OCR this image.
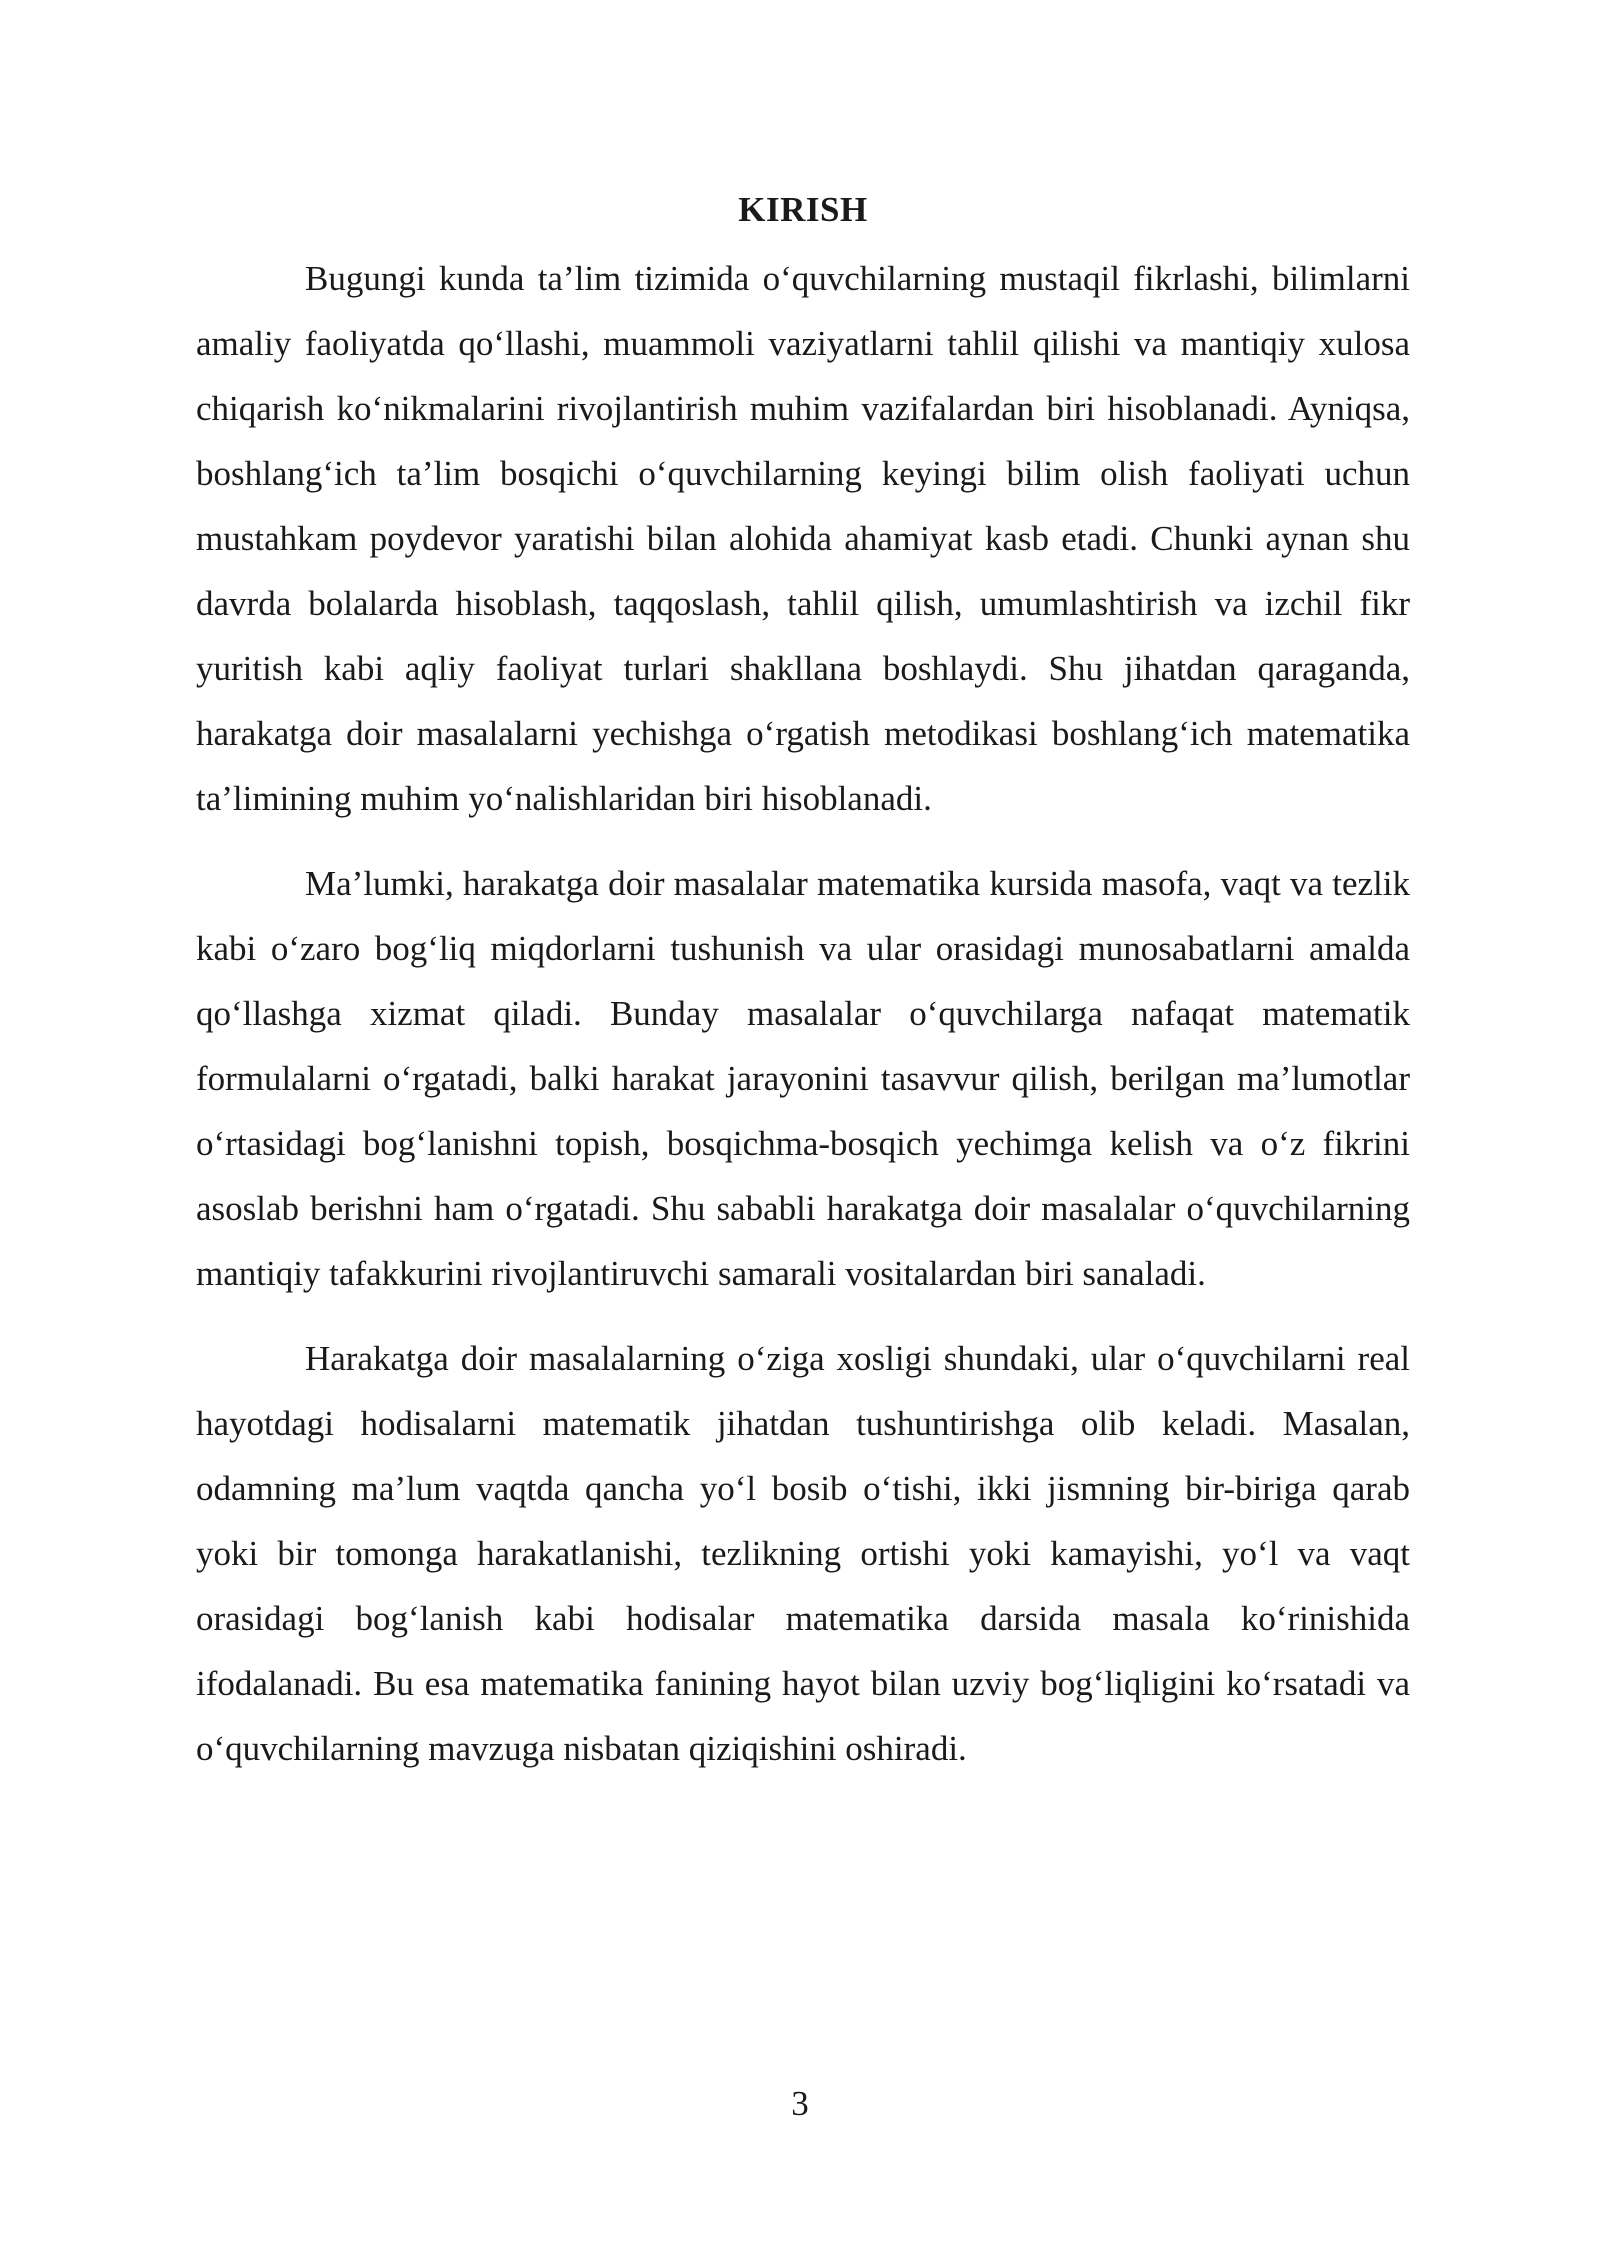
KIRISH

Bugungi kunda ta’lim tizimida o‘quvchilarning mustaqil fikrlashi, bilimlarni amaliy faoliyatda qo‘llashi, muammoli vaziyatlarni tahlil qilishi va mantiqiy xulosa chiqarish ko‘nikmalarini rivojlantirish muhim vazifalardan biri hisoblanadi. Ayniqsa, boshlang‘ich ta’lim bosqichi o‘quvchilarning keyingi bilim olish faoliyati uchun mustahkam poydevor yaratishi bilan alohida ahamiyat kasb etadi. Chunki aynan shu davrda bolalarda hisoblash, taqqoslash, tahlil qilish, umumlashtirish va izchil fikr yuritish kabi aqliy faoliyat turlari shakllana boshlaydi. Shu jihatdan qaraganda, harakatga doir masalalarni yechishga o‘rgatish metodikasi boshlang‘ich matematika ta’limining muhim yo‘nalishlaridan biri hisoblanadi.

Ma’lumki, harakatga doir masalalar matematika kursida masofa, vaqt va tezlik kabi o‘zaro bog‘liq miqdorlarni tushunish va ular orasidagi munosabatlarni amalda qo‘llashga xizmat qiladi. Bunday masalalar o‘quvchilarga nafaqat matematik formulalarni o‘rgatadi, balki harakat jarayonini tasavvur qilish, berilgan ma’lumotlar o‘rtasidagi bog‘lanishni topish, bosqichma-bosqich yechimga kelish va o‘z fikrini asoslab berishni ham o‘rgatadi. Shu sababli harakatga doir masalalar o‘quvchilarning mantiqiy tafakkurini rivojlantiruvchi samarali vositalardan biri sanaladi.

Harakatga doir masalalarning o‘ziga xosligi shundaki, ular o‘quvchilarni real hayotdagi hodisalarni matematik jihatdan tushuntirishga olib keladi. Masalan, odamning ma’lum vaqtda qancha yo‘l bosib o‘tishi, ikki jismning bir-biriga qarab yoki bir tomonga harakatlanishi, tezlikning ortishi yoki kamayishi, yo‘l va vaqt orasidagi bog‘lanish kabi hodisalar matematika darsida masala ko‘rinishida ifodalanadi. Bu esa matematika fanining hayot bilan uzviy bog‘liqligini ko‘rsatadi va o‘quvchilarning mavzuga nisbatan qiziqishini oshiradi.

3
